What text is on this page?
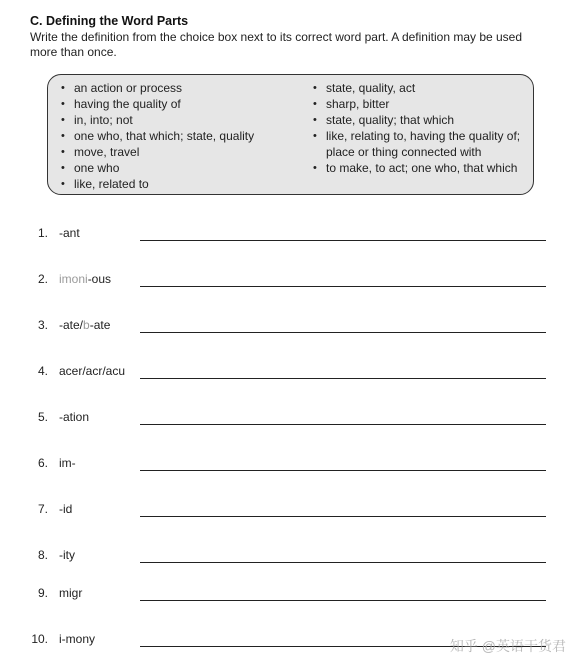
C. Defining the Word Parts
Write the definition from the choice box next to its correct word part. A definition may be used more than once.
• an action or process
• having the quality of
• in, into; not
• one who, that which; state, quality
• move, travel
• one who
• like, related to
• state, quality, act
• sharp, bitter
• state, quality; that which
• like, relating to, having the quality of;
place or thing connected with
• to make, to act; one who, that which
1. -ant
2. imoni-ous
3. -ate/b-ate
4. acer/acr/acu
5. -ation
6. im-
7. -id
8. -ity
9. migr
10. i-mony	知乎 @英语干货君
